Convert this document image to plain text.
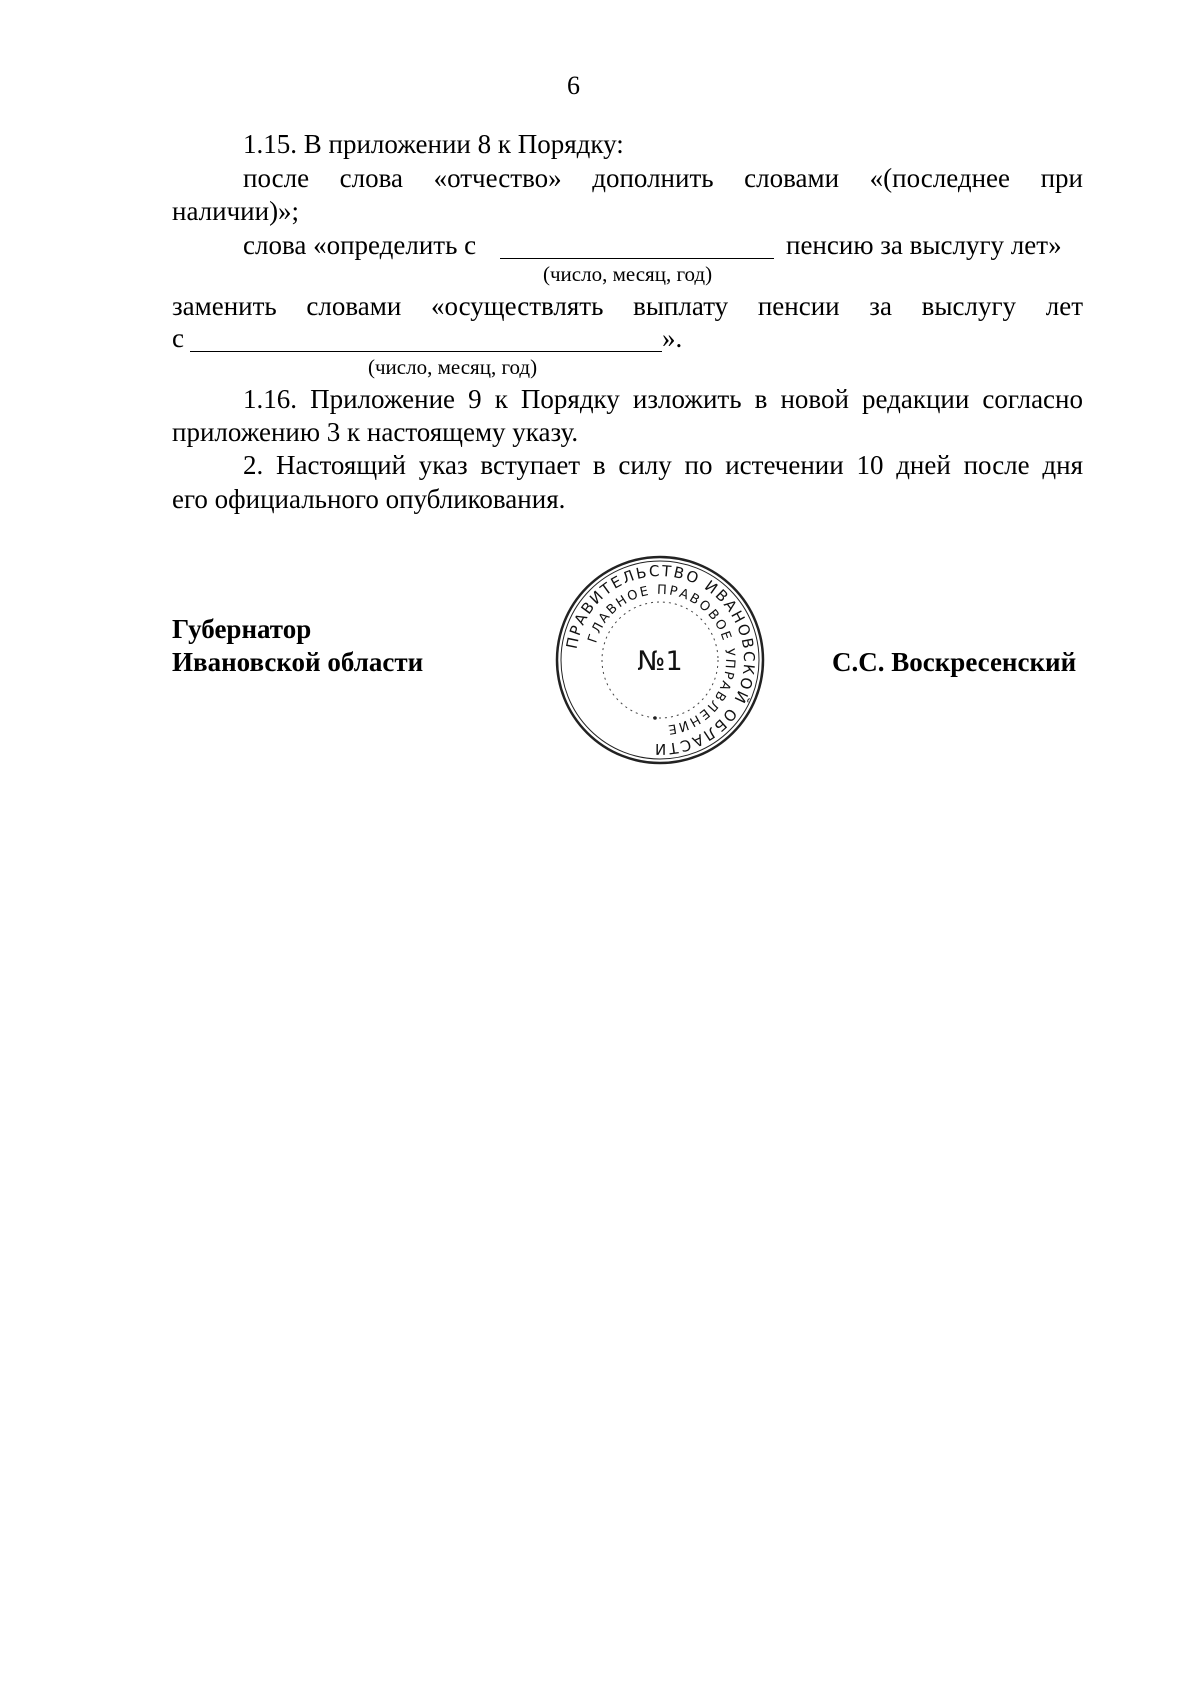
6
1.15. В приложении 8 к Порядку:
после слова «отчество» дополнить словами «(последнее при
наличии)»;
слова «определить с	пенсию за выслугу лет»
(число, месяц, год)
заменить словами «осуществлять выплату пенсии за выслугу лет
с	».
(число, месяц, год)
1.16. Приложение 9 к Порядку изложить в новой редакции согласно
приложению 3 к настоящему указу.
2. Настоящий указ вступает в силу по истечении 10 дней после дня
его официального опубликования.
Губернатор
Ивановской области	С.С. Воскресенский
ПРАВИТЕЛЬСТВО ИВАНОВСКОЙ ОБЛАСТИ
ГЛАВНОЕ ПРАВОВОЕ УПРАВЛЕНИЕ
№1
